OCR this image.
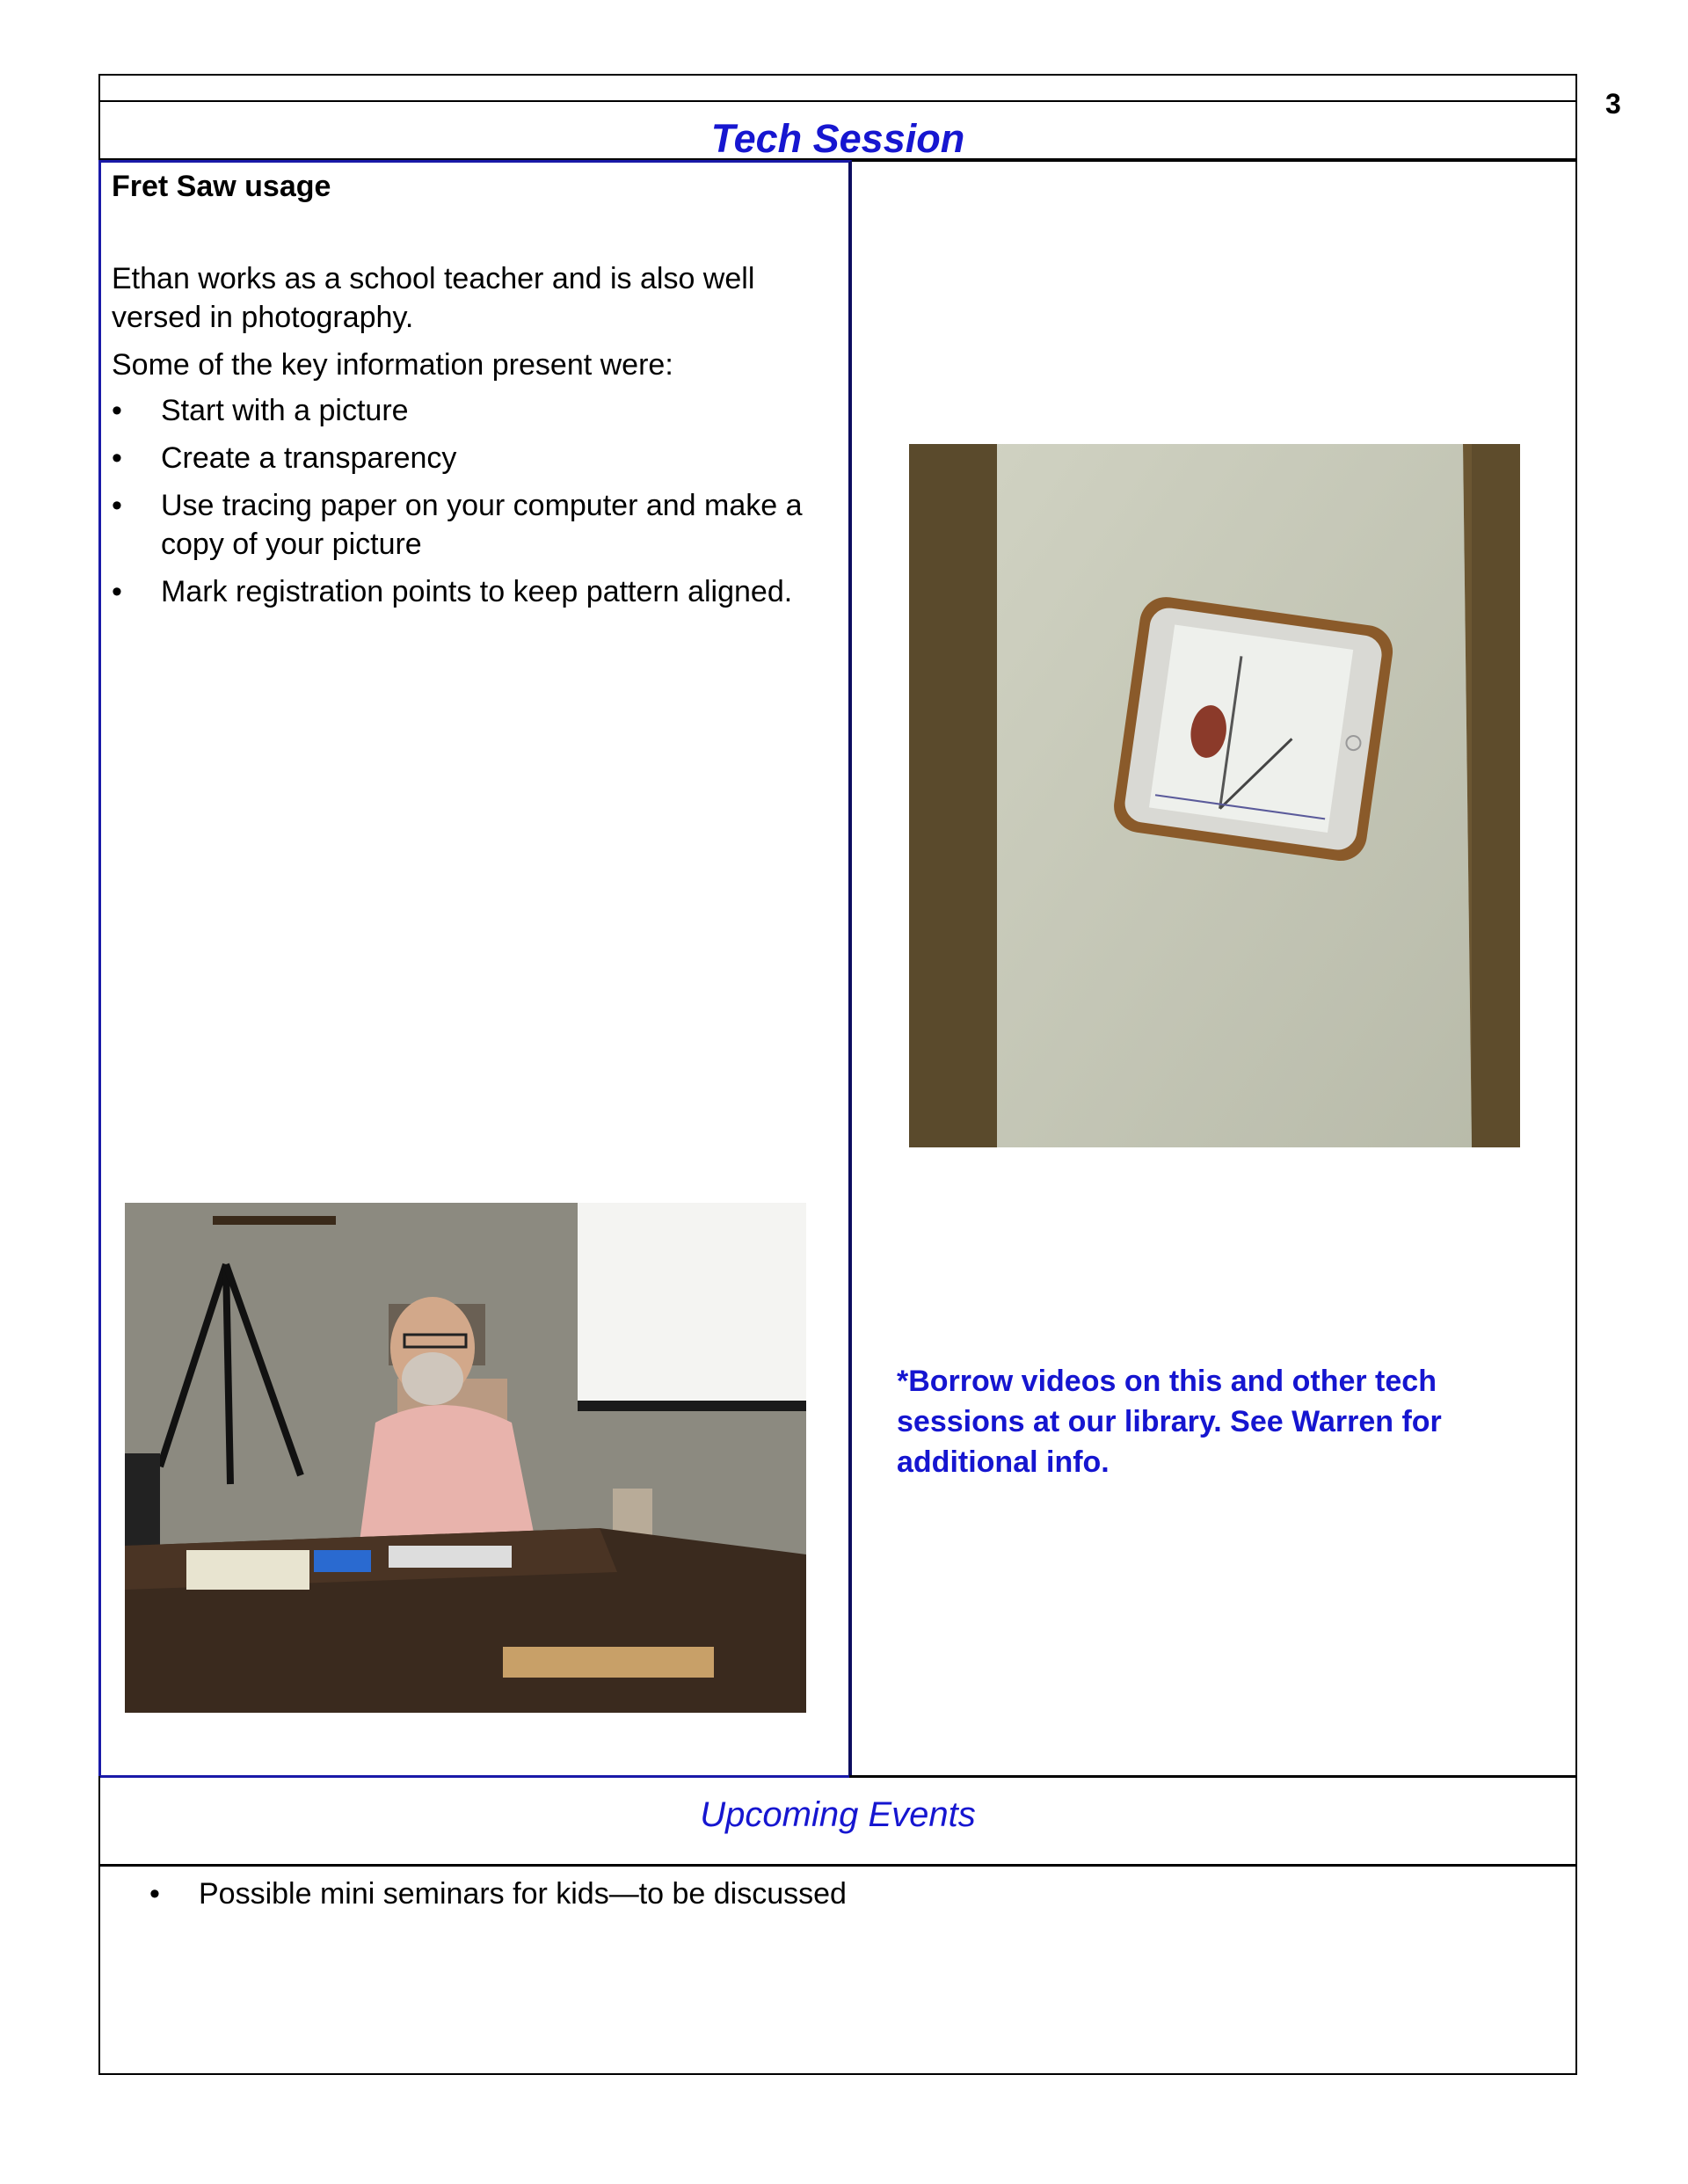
3
Tech Session
Fret Saw usage

Ethan works as a school teacher and is also well versed in photography.

Some of the key information present were:

• Start with a picture
• Create a transparency
• Use tracing paper on your computer and make a copy of your picture
• Mark registration points to keep pattern aligned.

*Borrow videos on this and other tech sessions at our library. See Warren for additional info.

Upcoming Events
• Possible mini seminars for kids—to be discussed
